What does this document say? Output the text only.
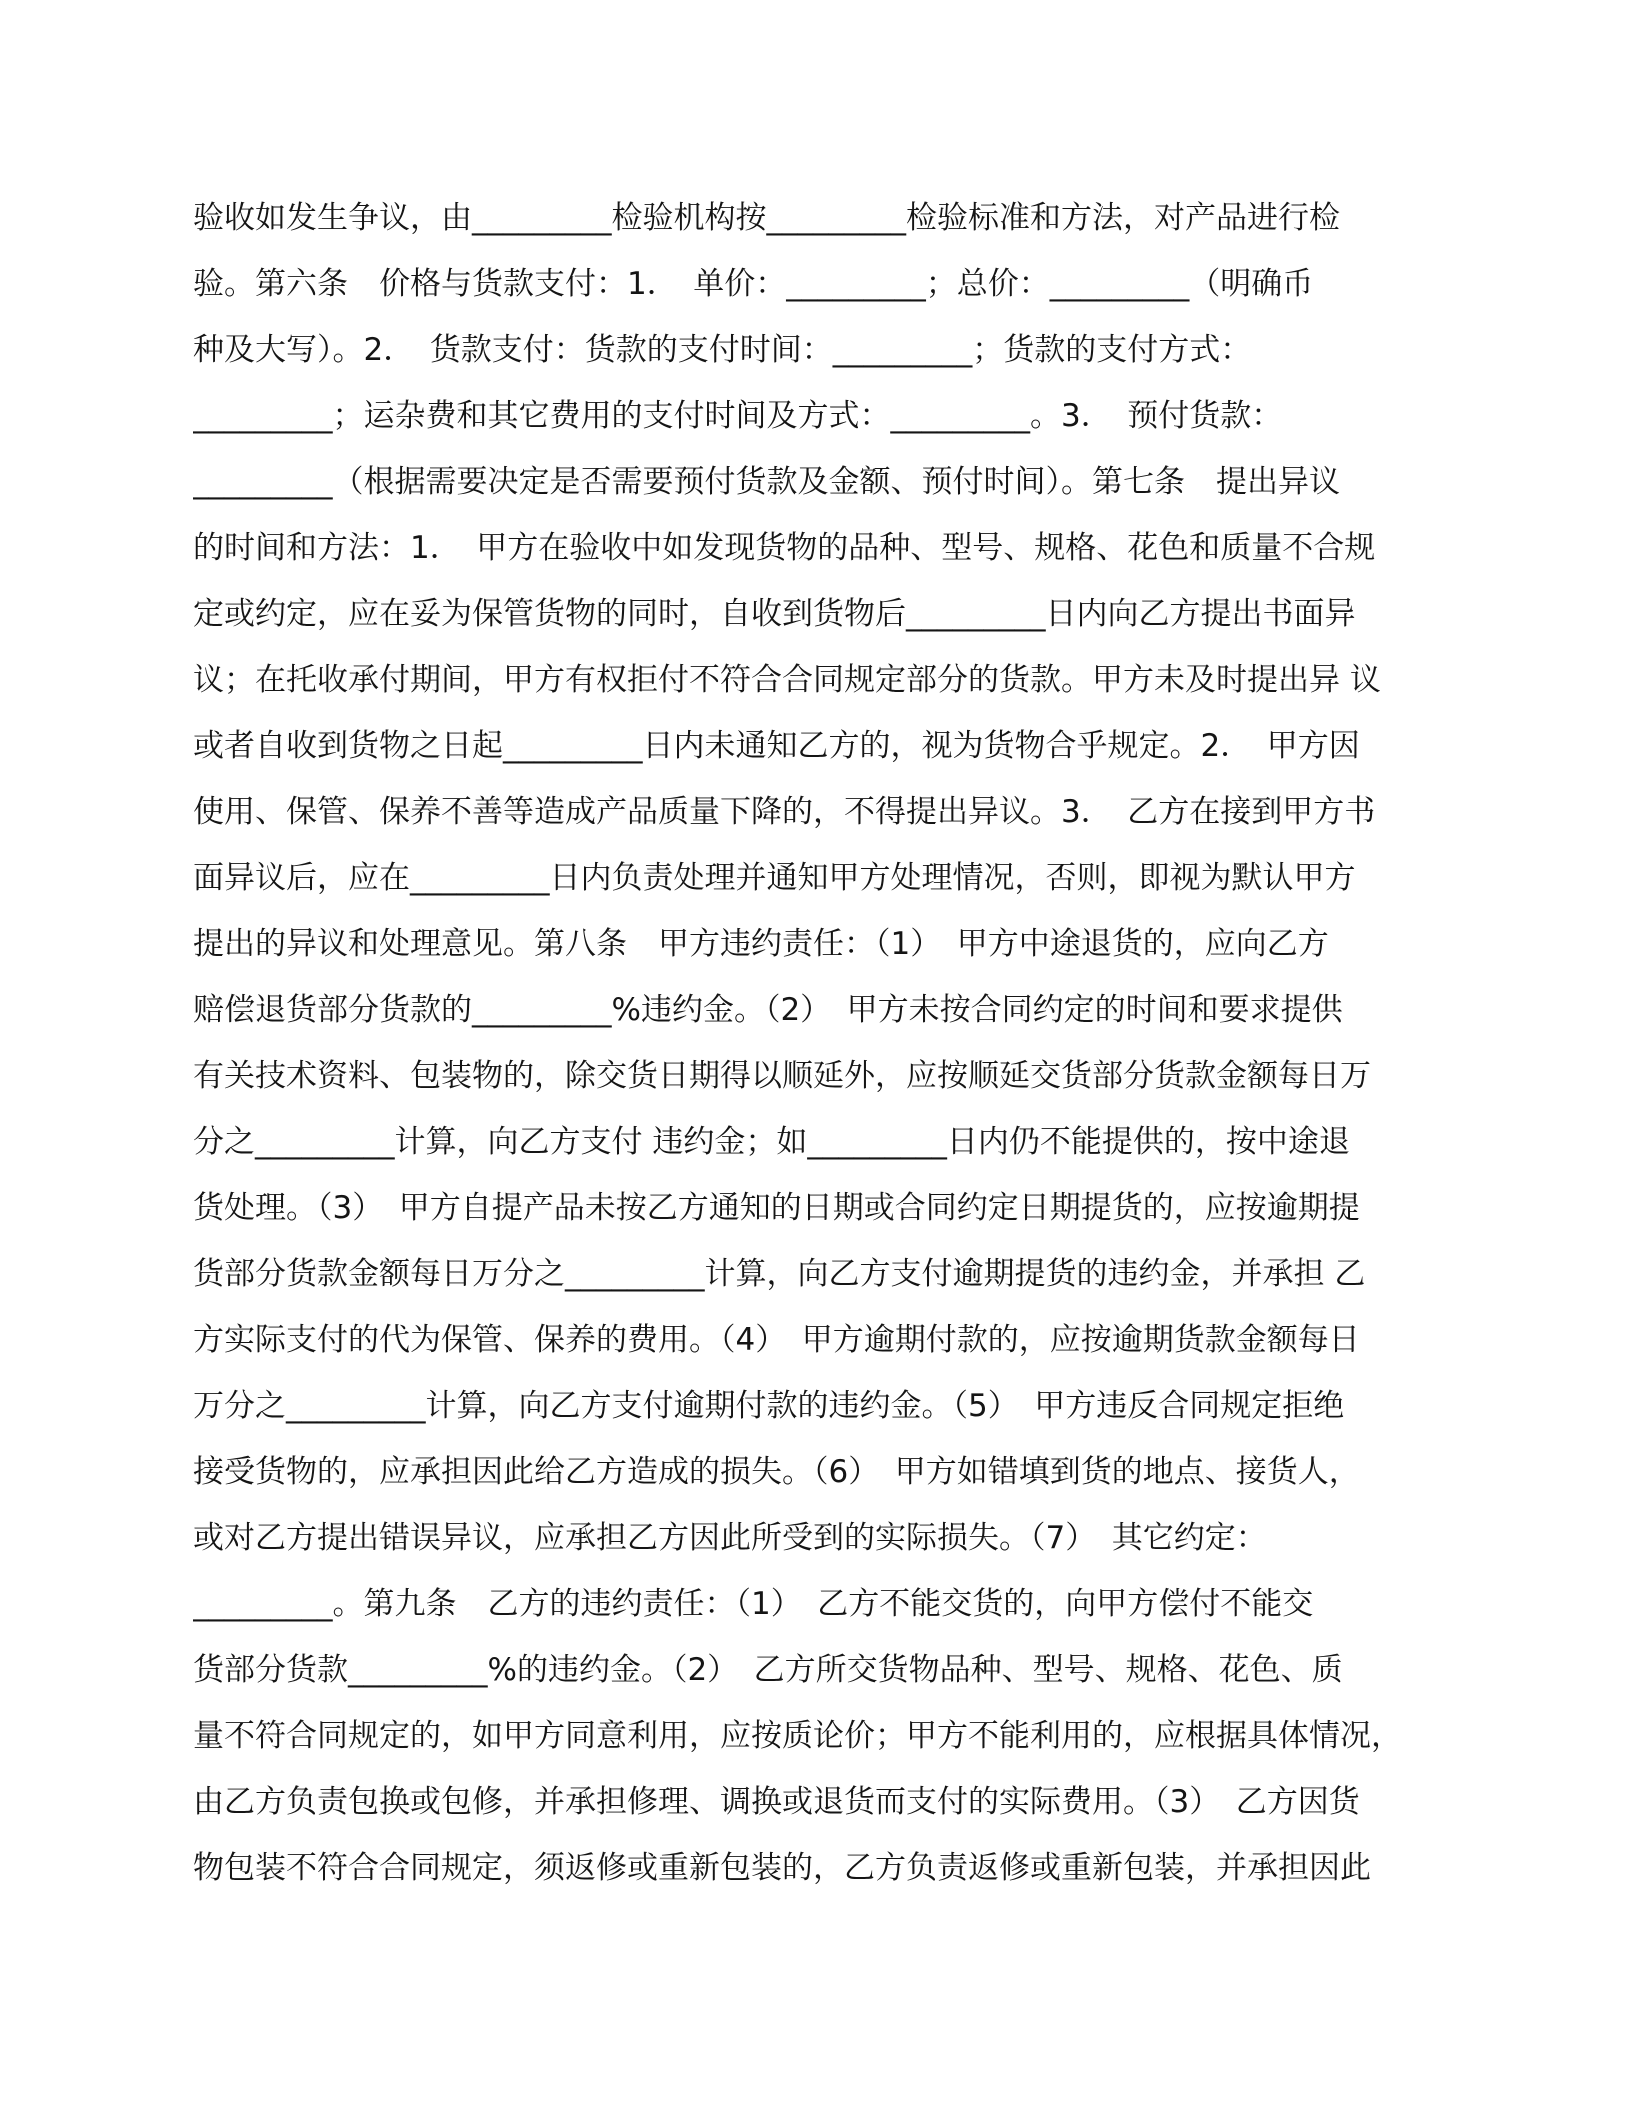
验收如发生争议，由_________检验机构按_________检验标准和方法，对产品进行检
验。第六条　价格与货款支付：1．　单价：_________；总价：_________（明确币
种及大写）。2．　货款支付：货款的支付时间：_________；货款的支付方式：
_________；运杂费和其它费用的支付时间及方式：_________。3．　预付货款：
_________（根据需要决定是否需要预付货款及金额、预付时间）。第七条　提出异议
的时间和方法：1．　甲方在验收中如发现货物的品种、型号、规格、花色和质量不合规
定或约定，应在妥为保管货物的同时，自收到货物后_________日内向乙方提出书面异
议；在托收承付期间，甲方有权拒付不符合合同规定部分的货款。甲方未及时提出异 议
或者自收到货物之日起_________日内未通知乙方的，视为货物合乎规定。2．　甲方因
使用、保管、保养不善等造成产品质量下降的，不得提出异议。3．　乙方在接到甲方书
面异议后，应在_________日内负责处理并通知甲方处理情况，否则，即视为默认甲方
提出的异议和处理意见。第八条　甲方违约责任：（1）　甲方中途退货的，应向乙方
赔偿退货部分货款的_________%违约金。（2）　甲方未按合同约定的时间和要求提供
有关技术资料、包装物的，除交货日期得以顺延外，应按顺延交货部分货款金额每日万
分之_________计算，向乙方支付 违约金；如_________日内仍不能提供的，按中途退
货处理。（3）　甲方自提产品未按乙方通知的日期或合同约定日期提货的，应按逾期提
货部分货款金额每日万分之_________计算，向乙方支付逾期提货的违约金，并承担 乙
方实际支付的代为保管、保养的费用。（4）　甲方逾期付款的，应按逾期货款金额每日
万分之_________计算，向乙方支付逾期付款的违约金。（5）　甲方违反合同规定拒绝
接受货物的，应承担因此给乙方造成的损失。（6）　甲方如错填到货的地点、接货人，
或对乙方提出错误异议，应承担乙方因此所受到的实际损失。（7）　其它约定：
_________。第九条　乙方的违约责任：（1）　乙方不能交货的，向甲方偿付不能交
货部分货款_________%的违约金。（2）　乙方所交货物品种、型号、规格、花色、质
量不符合同规定的，如甲方同意利用，应按质论价；甲方不能利用的，应根据具体情况，
由乙方负责包换或包修，并承担修理、调换或退货而支付的实际费用。（3）　乙方因货
物包装不符合合同规定，须返修或重新包装的，乙方负责返修或重新包装，并承担因此
